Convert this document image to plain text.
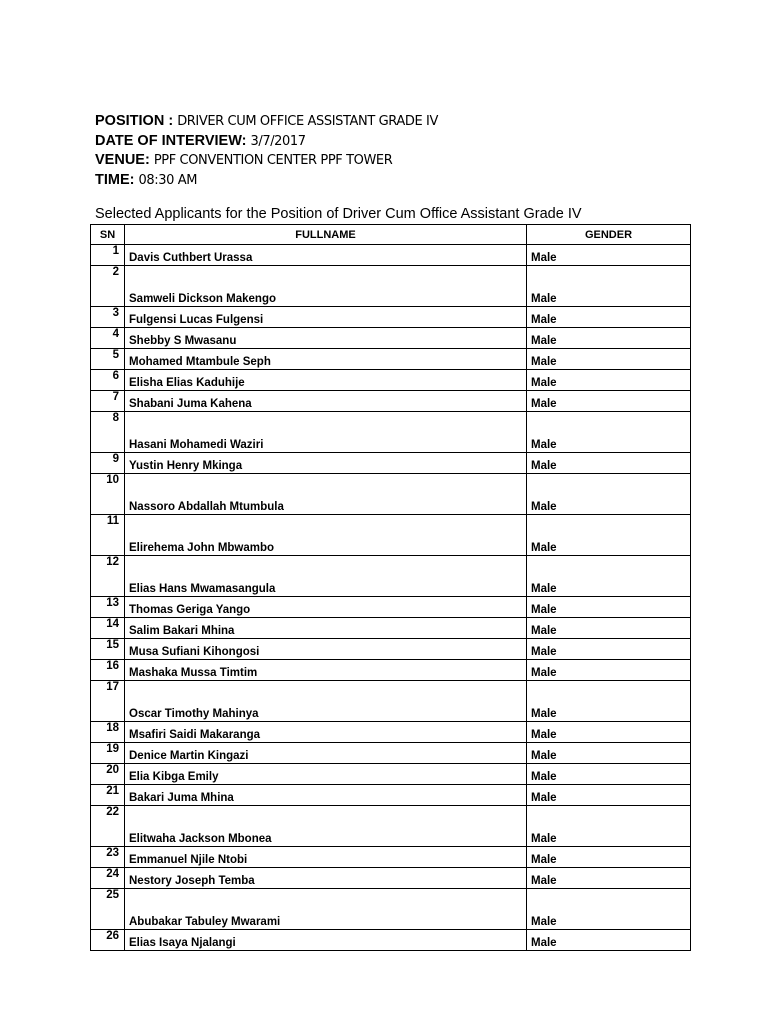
POSITION : DRIVER CUM OFFICE ASSISTANT GRADE IV
DATE OF INTERVIEW: 3/7/2017
VENUE: PPF CONVENTION CENTER PPF TOWER
TIME: 08:30 AM
Selected Applicants for the Position of Driver Cum Office Assistant Grade IV
SN	FULLNAME	GENDER
1	Davis Cuthbert Urassa	Male
2	Samweli Dickson Makengo	Male
3	Fulgensi Lucas Fulgensi	Male
4	Shebby S Mwasanu	Male
5	Mohamed Mtambule Seph	Male
6	Elisha Elias Kaduhije	Male
7	Shabani Juma Kahena	Male
8	Hasani Mohamedi Waziri	Male
9	Yustin Henry Mkinga	Male
10	Nassoro Abdallah Mtumbula	Male
11	Elirehema John Mbwambo	Male
12	Elias Hans Mwamasangula	Male
13	Thomas Geriga Yango	Male
14	Salim Bakari Mhina	Male
15	Musa Sufiani Kihongosi	Male
16	Mashaka Mussa Timtim	Male
17	Oscar Timothy Mahinya	Male
18	Msafiri Saidi Makaranga	Male
19	Denice Martin Kingazi	Male
20	Elia Kibga Emily	Male
21	Bakari Juma Mhina	Male
22	Elitwaha Jackson Mbonea	Male
23	Emmanuel Njile Ntobi	Male
24	Nestory Joseph Temba	Male
25	Abubakar Tabuley Mwarami	Male
26	Elias Isaya Njalangi	Male
